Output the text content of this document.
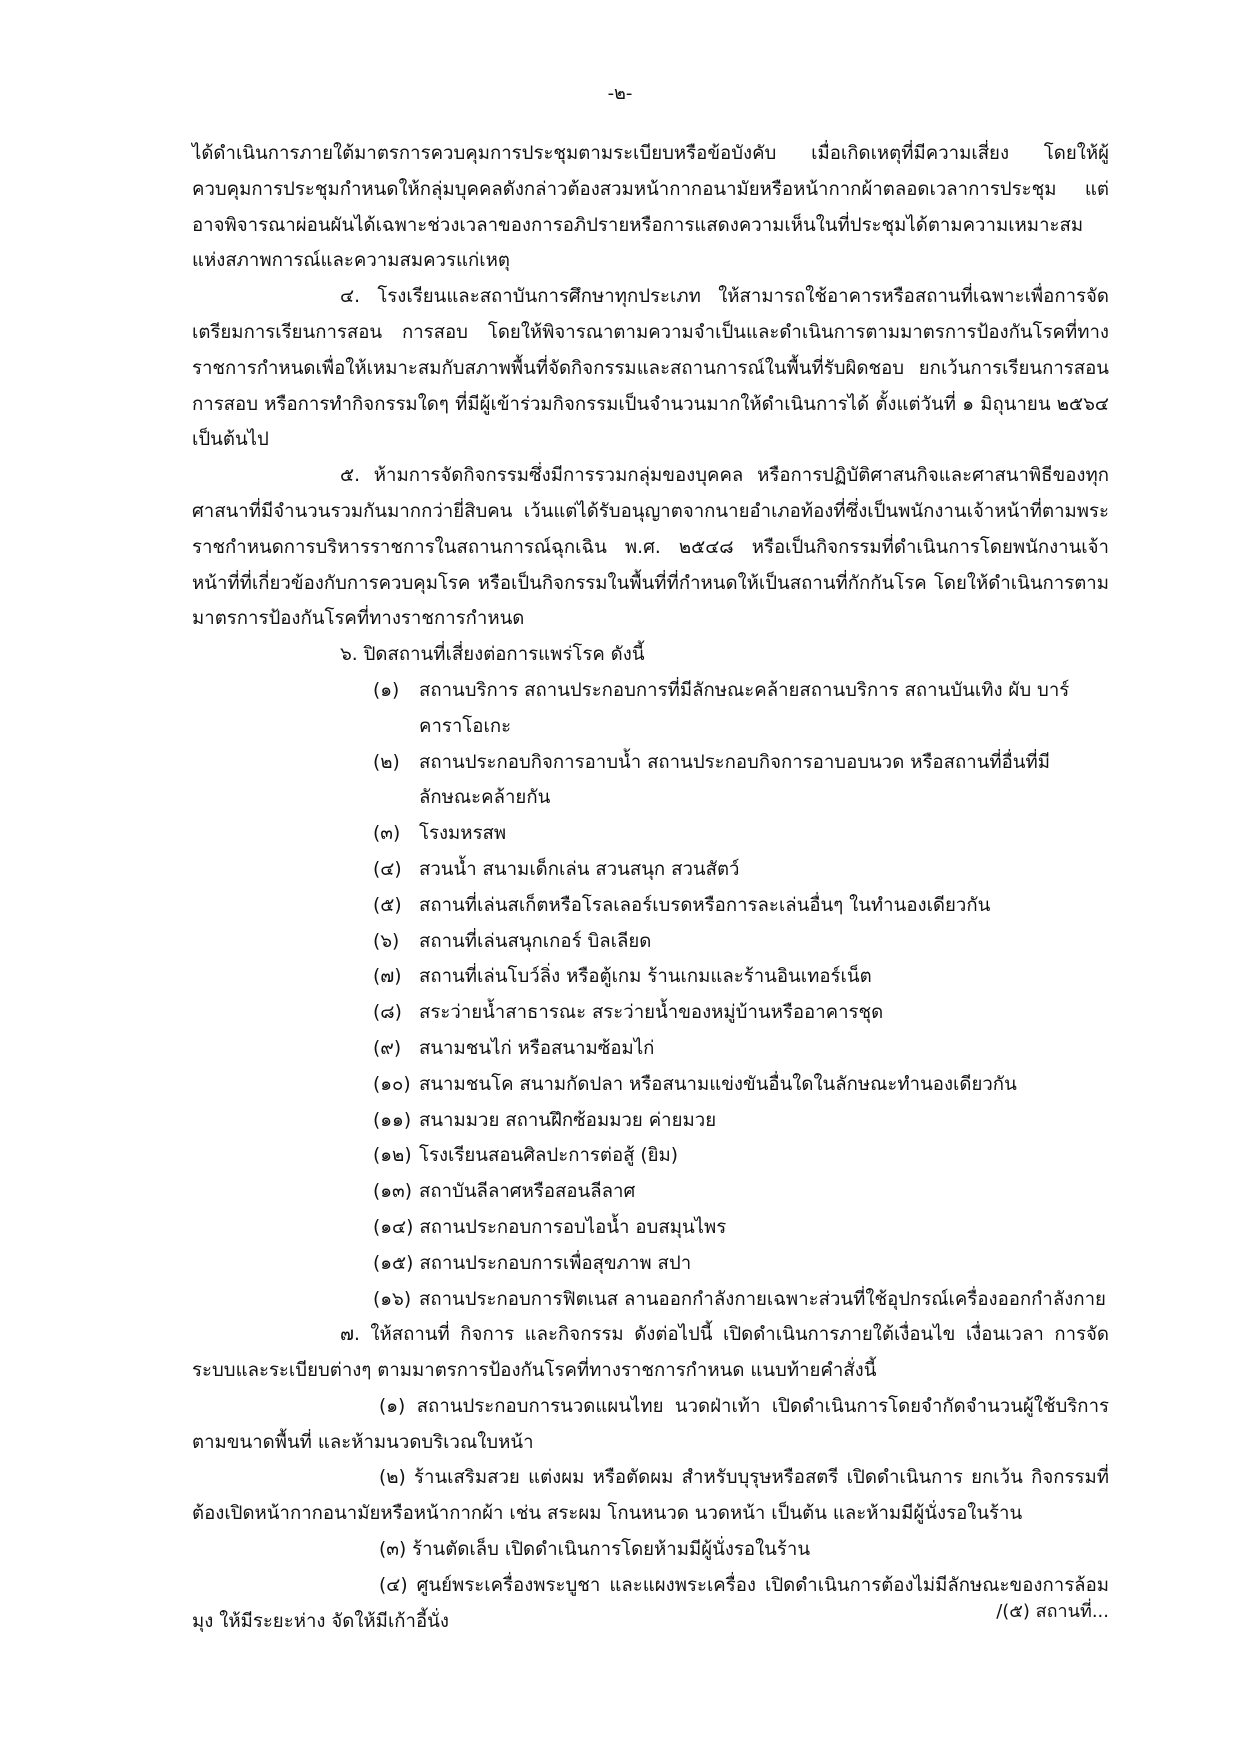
-๒-

ได้ดำเนินการภายใต้มาตรการควบคุมการประชุมตามระเบียบหรือข้อบังคับ เมื่อเกิดเหตุที่มีความเสี่ยง โดยให้ผู้ควบคุมการประชุมกำหนดให้กลุ่มบุคคลดังกล่าวต้องสวมหน้ากากอนามัยหรือหน้ากากผ้าตลอดเวลาการประชุม แต่อาจพิจารณาผ่อนผันได้เฉพาะช่วงเวลาของการอภิปรายหรือการแสดงความเห็นในที่ประชุมได้ตามความเหมาะสม แห่งสภาพการณ์และความสมควรแก่เหตุ

๔. โรงเรียนและสถาบันการศึกษาทุกประเภท ให้สามารถใช้อาคารหรือสถานที่เฉพาะเพื่อการจัดเตรียมการเรียนการสอน การสอบ โดยให้พิจารณาตามความจำเป็นและดำเนินการตามมาตรการป้องกันโรคที่ทางราชการกำหนดเพื่อให้เหมาะสมกับสภาพพื้นที่จัดกิจกรรมและสถานการณ์ในพื้นที่รับผิดชอบ ยกเว้นการเรียนการสอน การสอบ หรือการทำกิจกรรมใดๆ ที่มีผู้เข้าร่วมกิจกรรมเป็นจำนวนมากให้ดำเนินการได้ ตั้งแต่วันที่ ๑ มิถุนายน ๒๕๖๔ เป็นต้นไป

๕. ห้ามการจัดกิจกรรมซึ่งมีการรวมกลุ่มของบุคคล หรือการปฏิบัติศาสนกิจและศาสนาพิธีของทุกศาสนาที่มีจำนวนรวมกันมากกว่ายี่สิบคน เว้นแต่ได้รับอนุญาตจากนายอำเภอท้องที่ซึ่งเป็นพนักงานเจ้าหน้าที่ตามพระราชกำหนดการบริหารราชการในสถานการณ์ฉุกเฉิน พ.ศ. ๒๕๔๘ หรือเป็นกิจกรรมที่ดำเนินการโดยพนักงานเจ้าหน้าที่ที่เกี่ยวข้องกับการควบคุมโรค หรือเป็นกิจกรรมในพื้นที่ที่กำหนดให้เป็นสถานที่กักกันโรค โดยให้ดำเนินการตามมาตรการป้องกันโรคที่ทางราชการกำหนด

๖. ปิดสถานที่เสี่ยงต่อการแพร่โรค ดังนี้

(๑)	สถานบริการ สถานประกอบการที่มีลักษณะคล้ายสถานบริการ สถานบันเทิง ผับ บาร์ คาราโอเกะ
(๒)	สถานประกอบกิจการอาบน้ำ สถานประกอบกิจการอาบอบนวด หรือสถานที่อื่นที่มีลักษณะคล้ายกัน
(๓)	โรงมหรสพ
(๔) สวนน้ำ สนามเด็กเล่น สวนสนุก สวนสัตว์
(๕) สถานที่เล่นสเก็ตหรือโรลเลอร์เบรดหรือการละเล่นอื่นๆ ในทำนองเดียวกัน
(๖)	สถานที่เล่นสนุกเกอร์ บิลเลียด
(๗) สถานที่เล่นโบว์ลิ่ง หรือตู้เกม ร้านเกมและร้านอินเทอร์เน็ต
(๘) สระว่ายน้ำสาธารณะ สระว่ายน้ำของหมู่บ้านหรืออาคารชุด
(๙) สนามชนไก่ หรือสนามซ้อมไก่
(๑๐) สนามชนโค สนามกัดปลา หรือสนามแข่งขันอื่นใดในลักษณะทำนองเดียวกัน
(๑๑) สนามมวย สถานฝึกซ้อมมวย ค่ายมวย
(๑๒) โรงเรียนสอนศิลปะการต่อสู้ (ยิม)
(๑๓) สถาบันลีลาศหรือสอนลีลาศ
(๑๔) สถานประกอบการอบไอน้ำ อบสมุนไพร
(๑๕) สถานประกอบการเพื่อสุขภาพ สปา
(๑๖) สถานประกอบการฟิตเนส ลานออกกำลังกายเฉพาะส่วนที่ใช้อุปกรณ์เครื่องออกกำลังกาย

๗. ให้สถานที่ กิจการ และกิจกรรม ดังต่อไปนี้ เปิดดำเนินการภายใต้เงื่อนไข เงื่อนเวลา การจัดระบบและระเบียบต่างๆ ตามมาตรการป้องกันโรคที่ทางราชการกำหนด แนบท้ายคำสั่งนี้

(๑) สถานประกอบการนวดแผนไทย นวดฝ่าเท้า เปิดดำเนินการโดยจำกัดจำนวนผู้ใช้บริการตามขนาดพื้นที่ และห้ามนวดบริเวณใบหน้า

(๒) ร้านเสริมสวย แต่งผม หรือตัดผม สำหรับบุรุษหรือสตรี เปิดดำเนินการ ยกเว้น กิจกรรมที่ต้องเปิดหน้ากากอนามัยหรือหน้ากากผ้า เช่น สระผม โกนหนวด นวดหน้า เป็นต้น และห้ามมีผู้นั่งรอในร้าน

(๓) ร้านตัดเล็บ เปิดดำเนินการโดยห้ามมีผู้นั่งรอในร้าน

(๔) ศูนย์พระเครื่องพระบูชา และแผงพระเครื่อง เปิดดำเนินการต้องไม่มีลักษณะของการล้อมมุง ให้มีระยะห่าง จัดให้มีเก้าอี้นั่ง	/(๕) สถานที่...
